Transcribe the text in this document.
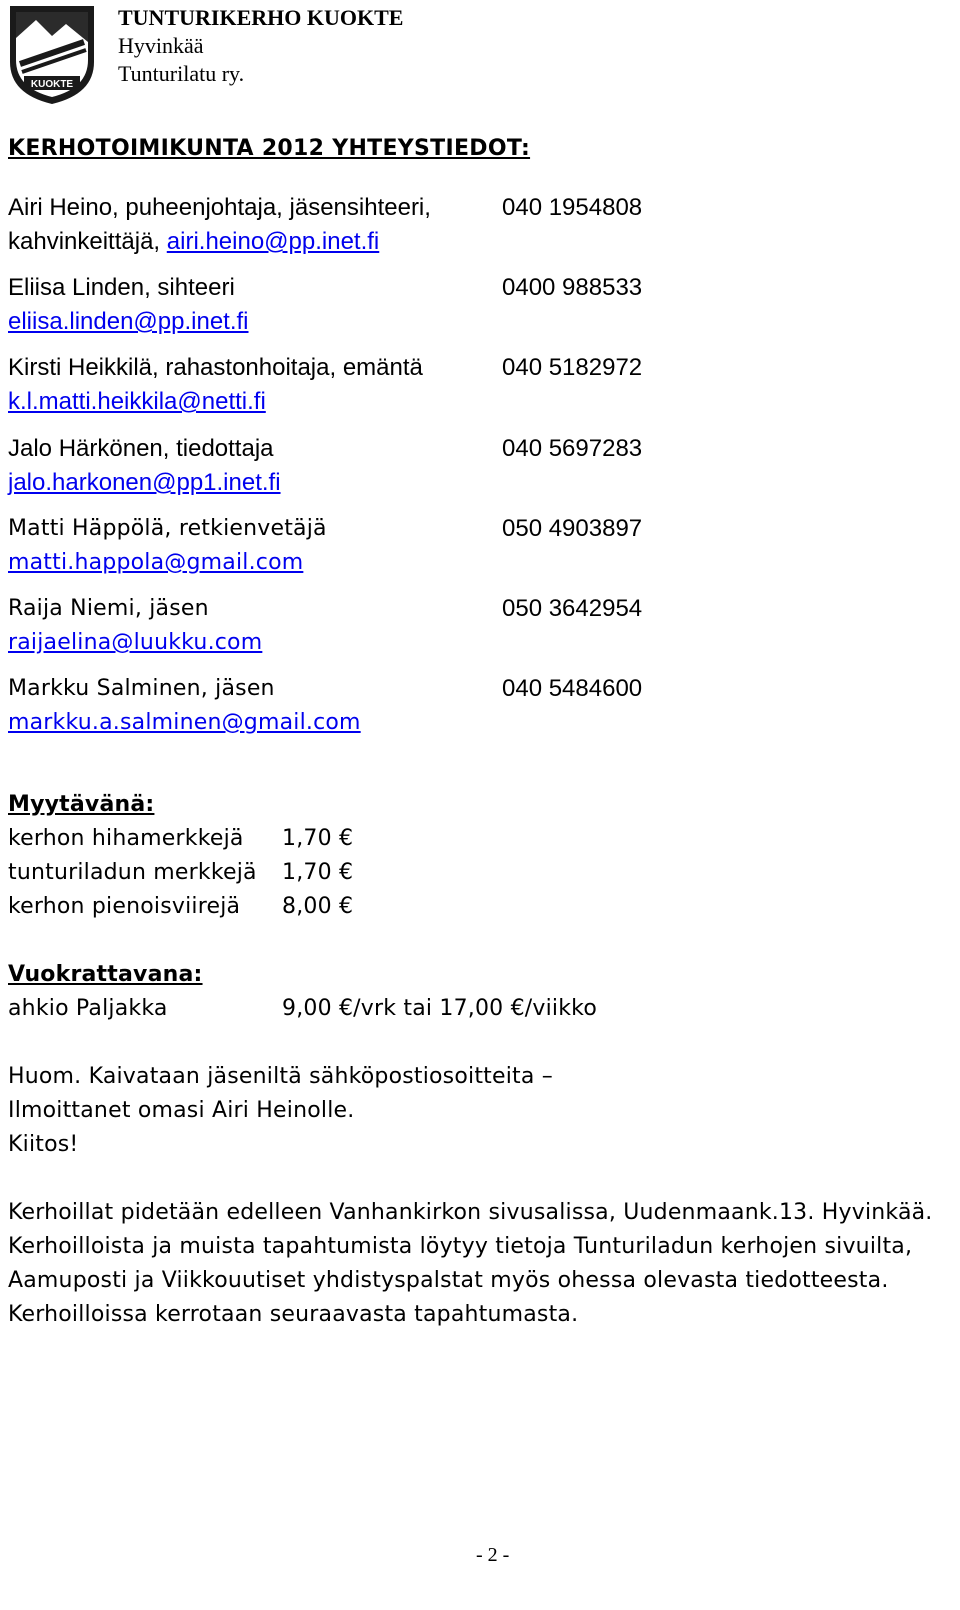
KUOKTE
TUNTURIKERHO KUOKTE
Hyvinkää
Tunturilatu ry.
KERHOTOIMIKUNTA 2012 YHTEYSTIEDOT:
Airi Heino, puheenjohtaja, jäsensihteeri,	040 1954808
kahvinkeittäjä, airi.heino@pp.inet.fi
Eliisa Linden, sihteeri	0400 988533
eliisa.linden@pp.inet.fi
Kirsti Heikkilä, rahastonhoitaja, emäntä	040 5182972
k.l.matti.heikkila@netti.fi
Jalo Härkönen, tiedottaja	040 5697283
jalo.harkonen@pp1.inet.fi
Matti Häppölä, retkienvetäjä	050 4903897
matti.happola@gmail.com
Raija Niemi, jäsen	050 3642954
raijaelina@luukku.com
Markku Salminen, jäsen	040 5484600
markku.a.salminen@gmail.com
Myytävänä:
kerhon hihamerkkejä 1,70 €
tunturiladun merkkejä 1,70 €
kerhon pienoisviirejä 8,00 €
Vuokrattavana:
ahkio Paljakka	9,00 €/vrk tai 17,00 €/viikko
Huom. Kaivataan jäseniltä sähköpostiosoitteita –
Ilmoittanet omasi Airi Heinolle.
Kiitos!
Kerhoillat pidetään edelleen Vanhankirkon sivusalissa, Uudenmaank.13. Hyvinkää.
Kerhoilloista ja muista tapahtumista löytyy tietoja Tunturiladun kerhojen sivuilta,
Aamuposti ja Viikkouutiset yhdistyspalstat myös ohessa olevasta tiedotteesta.
Kerhoilloissa kerrotaan seuraavasta tapahtumasta.
- 2 -
